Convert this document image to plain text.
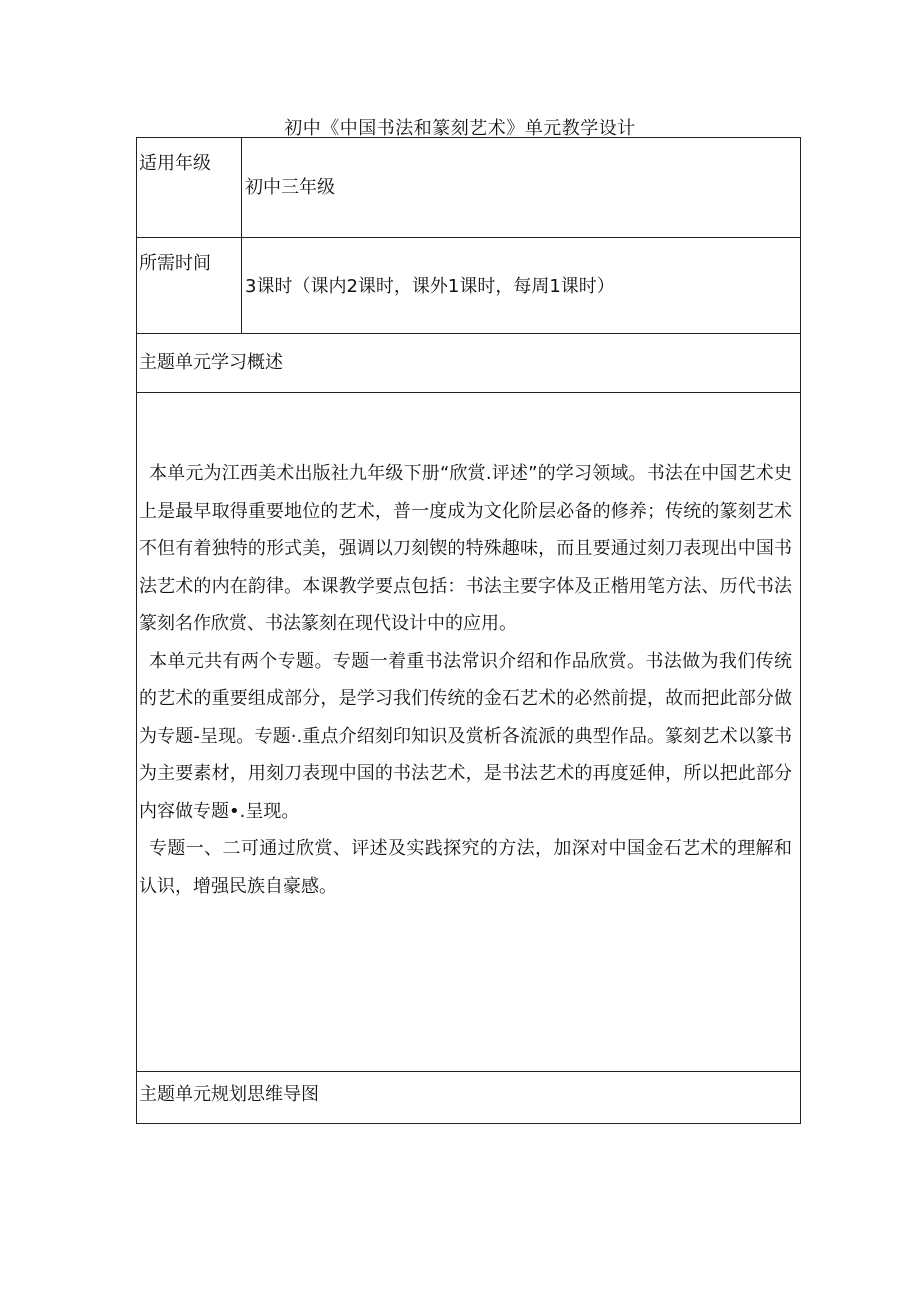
初中《中国书法和篆刻艺术》单元教学设计
适用年级
初中三年级
所需时间
3课时（课内2课时，课外1课时，每周1课时）
主题单元学习概述

本单元为江西美术出版社九年级下册“欣赏.评述”的学习领域。书法在中国艺术史上是最早取得重要地位的艺术，普一度成为文化阶层必备的修养；传统的篆刻艺术不但有着独特的形式美，强调以刀刻锲的特殊趣味，而且要通过刻刀表现出中国书法艺术的内在韵律。本课教学要点包括：书法主要字体及正楷用笔方法、历代书法篆刻名作欣赏、书法篆刻在现代设计中的应用。

本单元共有两个专题。专题一着重书法常识介绍和作品欣赏。书法做为我们传统的艺术的重要组成部分，是学习我们传统的金石艺术的必然前提，故而把此部分做为专题-呈现。专题·.重点介绍刻印知识及赏析各流派的典型作品。篆刻艺术以篆书为主要素材，用刻刀表现中国的书法艺术，是书法艺术的再度延伸，所以把此部分内容做专题•.呈现。

专题一、二可通过欣赏、评述及实践探究的方法，加深对中国金石艺术的理解和认识，增强民族自豪感。

主题单元规划思维导图
